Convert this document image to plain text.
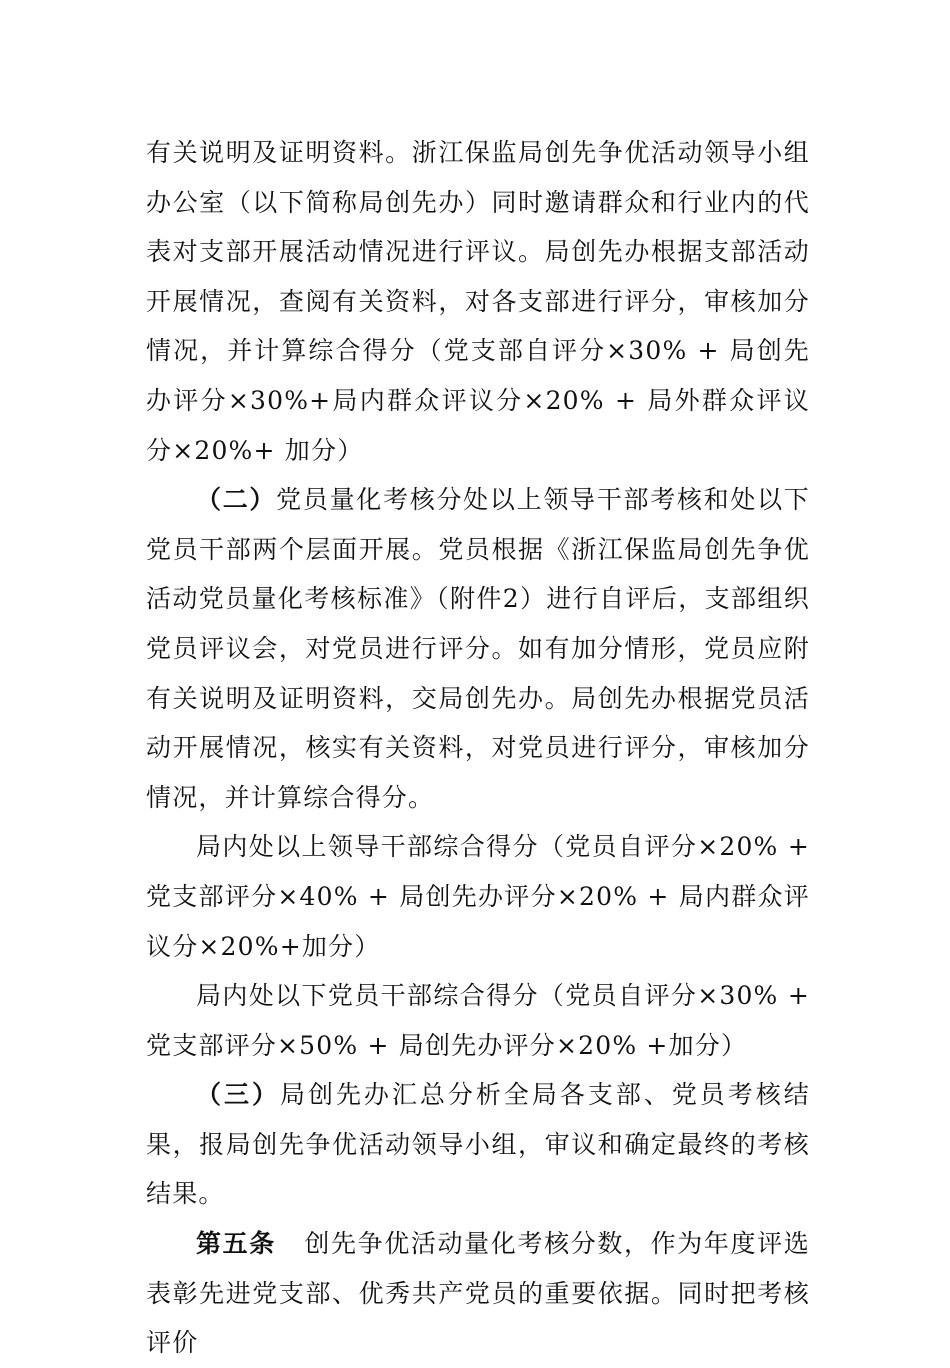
有关说明及证明资料。浙江保监局创先争优活动领导小组办公室（以下简称局创先办）同时邀请群众和行业内的代表对支部开展活动情况进行评议。局创先办根据支部活动开展情况，查阅有关资料，对各支部进行评分，审核加分情况，并计算综合得分（党支部自评分×30% + 局创先办评分×30%+局内群众评议分×20% + 局外群众评议分×20%+ 加分）

（二）党员量化考核分处以上领导干部考核和处以下党员干部两个层面开展。党员根据《浙江保监局创先争优活动党员量化考核标准》（附件2）进行自评后，支部组织党员评议会，对党员进行评分。如有加分情形，党员应附有关说明及证明资料，交局创先办。局创先办根据党员活动开展情况，核实有关资料，对党员进行评分，审核加分情况，并计算综合得分。

局内处以上领导干部综合得分（党员自评分×20% + 党支部评分×40% + 局创先办评分×20% + 局内群众评议分×20%+加分）

局内处以下党员干部综合得分（党员自评分×30% + 党支部评分×50% + 局创先办评分×20% +加分）

（三）局创先办汇总分析全局各支部、党员考核结果，报局创先争优活动领导小组，审议和确定最终的考核结果。

第五条 创先争优活动量化考核分数，作为年度评选表彰先进党支部、优秀共产党员的重要依据。同时把考核评价
